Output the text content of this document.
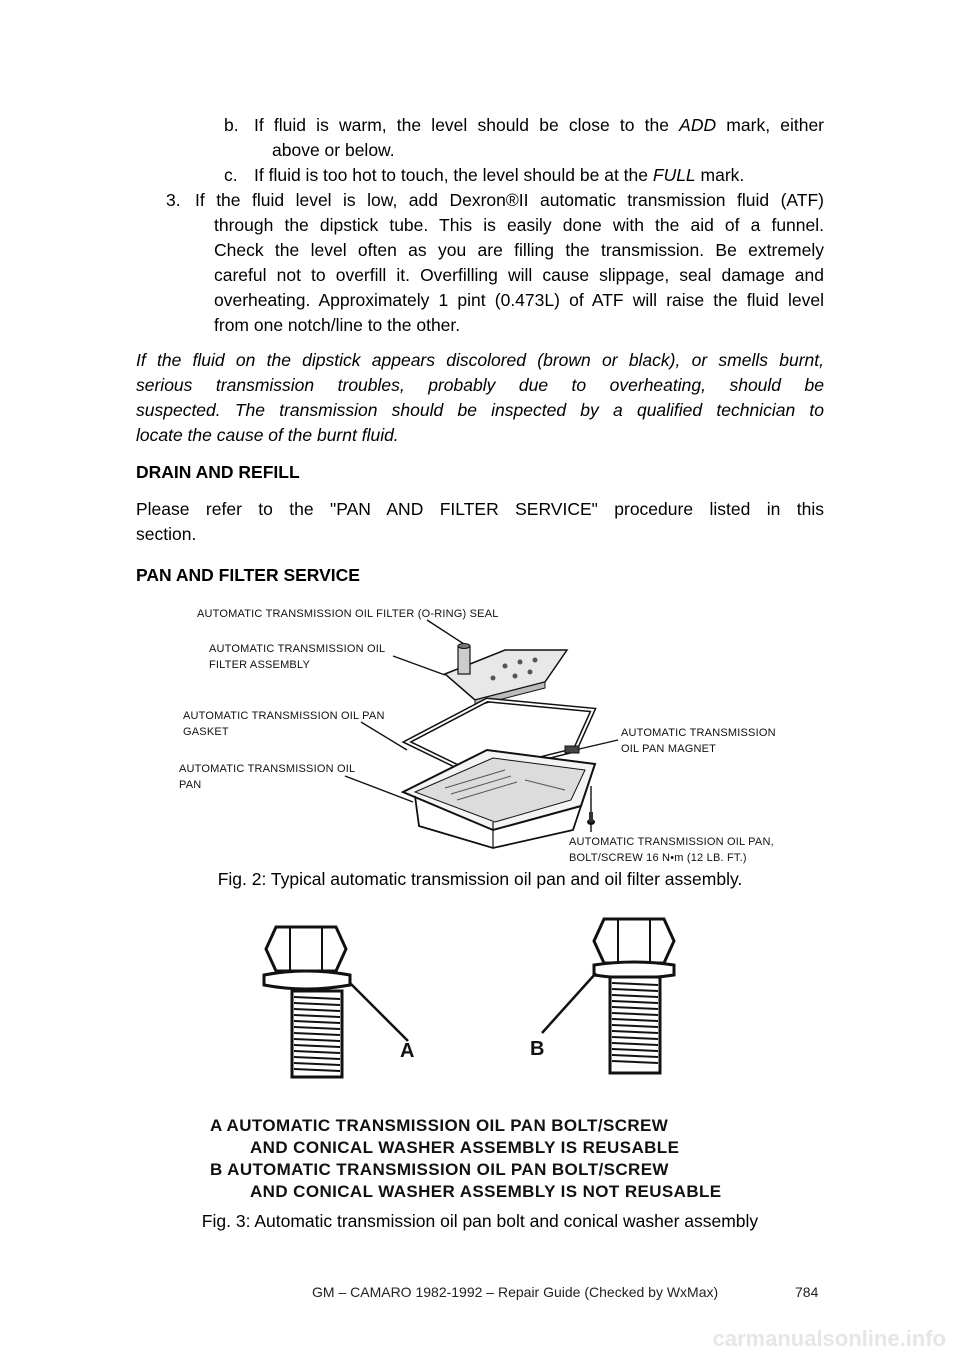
b. If fluid is warm, the level should be close to the ADD mark, either
above or below.
c. If fluid is too hot to touch, the level should be at the FULL mark.
3. If the fluid level is low, add Dexron®II automatic transmission fluid (ATF)
through the dipstick tube. This is easily done with the aid of a funnel.
Check the level often as you are filling the transmission. Be extremely
careful not to overfill it. Overfilling will cause slippage, seal damage and
overheating. Approximately 1 pint (0.473L) of ATF will raise the fluid level
from one notch/line to the other.
If the fluid on the dipstick appears discolored (brown or black), or smells burnt,
serious transmission troubles, probably due to overheating, should be
suspected. The transmission should be inspected by a qualified technician to
locate the cause of the burnt fluid.
DRAIN AND REFILL
Please refer to the "PAN AND FILTER SERVICE" procedure listed in this
section.
PAN AND FILTER SERVICE
AUTOMATIC TRANSMISSION OIL FILTER (O-RING) SEAL
AUTOMATIC TRANSMISSION OIL
FILTER ASSEMBLY
AUTOMATIC TRANSMISSION OIL PAN
GASKET
AUTOMATIC TRANSMISSION OIL
PAN
AUTOMATIC TRANSMISSION
OIL PAN MAGNET
AUTOMATIC TRANSMISSION OIL PAN,
BOLT/SCREW 16 N•m (12 LB. FT.)
Fig. 2: Typical automatic transmission oil pan and oil filter assembly.
A	B
A AUTOMATIC TRANSMISSION OIL PAN BOLT/SCREW
AND CONICAL WASHER ASSEMBLY IS REUSABLE
B AUTOMATIC TRANSMISSION OIL PAN BOLT/SCREW
AND CONICAL WASHER ASSEMBLY IS NOT REUSABLE
Fig. 3: Automatic transmission oil pan bolt and conical washer assembly
GM – CAMARO 1982-1992 – Repair Guide (Checked by WxMax)	784
carmanualsonline.info
